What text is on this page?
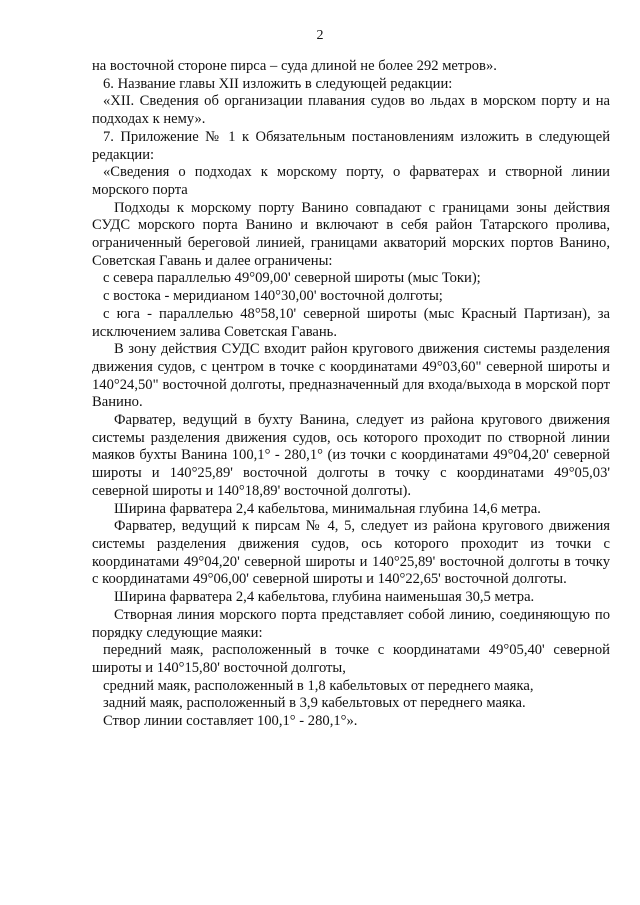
2

на восточной стороне пирса – суда длиной не более 292 метров».

6. Название главы XII изложить в следующей редакции:

«XII. Сведения об организации плавания судов во льдах в морском порту и на подходах к нему».

7. Приложение № 1 к Обязательным постановлениям изложить в следующей редакции:

«Сведения о подходах к морскому порту, о фарватерах и створной линии морского порта

Подходы к морскому порту Ванино совпадают с границами зоны действия СУДС морского порта Ванино и включают в себя район Татарского пролива, ограниченный береговой линией, границами акваторий морских портов Ванино, Советская Гавань и далее ограничены:

с севера параллелью 49°09,00' северной широты (мыс Токи);

с востока - меридианом 140°30,00' восточной долготы;

с юга - параллелью 48°58,10' северной широты (мыс Красный Партизан), за исключением залива Советская Гавань.

В зону действия СУДС входит район кругового движения системы разделения движения судов, с центром в точке с координатами 49°03,60" северной широты и 140°24,50" восточной долготы, предназначенный для входа/выхода в морской порт Ванино.

Фарватер, ведущий в бухту Ванина, следует из района кругового движения системы разделения движения судов, ось которого проходит по створной линии маяков бухты Ванина 100,1° - 280,1° (из точки с координатами 49°04,20' северной широты и 140°25,89' восточной долготы в точку с координатами 49°05,03' северной широты и 140°18,89' восточной долготы).

Ширина фарватера 2,4 кабельтова, минимальная глубина 14,6 метра.

Фарватер, ведущий к пирсам № 4, 5, следует из района кругового движения системы разделения движения судов, ось которого проходит из точки с координатами 49°04,20' северной широты и 140°25,89' восточной долготы в точку с координатами 49°06,00' северной широты и 140°22,65' восточной долготы.

Ширина фарватера 2,4 кабельтова, глубина наименьшая 30,5 метра.

Створная линия морского порта представляет собой линию, соединяющую по порядку следующие маяки:

передний маяк, расположенный в точке с координатами 49°05,40' северной широты и 140°15,80' восточной долготы,

средний маяк, расположенный в 1,8 кабельтовых от переднего маяка,

задний маяк, расположенный в 3,9 кабельтовых от переднего маяка.

Створ линии составляет 100,1° - 280,1°».
